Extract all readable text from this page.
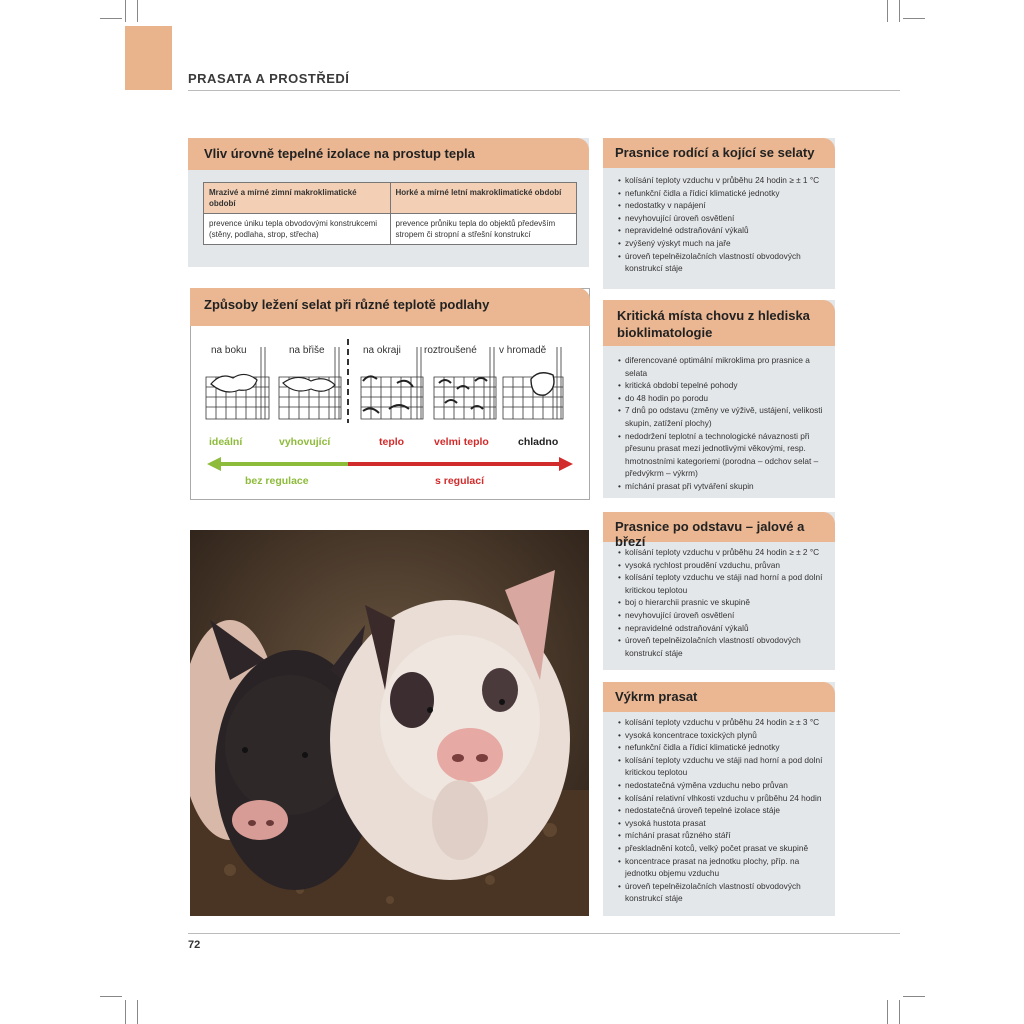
PRASATA A PROSTŘEDÍ
Vliv úrovně tepelné izolace na prostup tepla
Mrazivé a mírné zimní makroklimatické období	Horké a mírné letní makroklimatické období
prevence úniku tepla obvodovými konstrukcemi (stěny, podlaha, strop, střecha)	prevence průniku tepla do objektů především stropem či stropní a střešní konstrukcí
Způsoby ležení selat při různé teplotě podlahy
na boku	na břiše	na okraji roztroušené v hromadě
ideální	vyhovující	teplo	velmi teplo	chladno
bez regulace	s regulací
Prasnice rodící a kojící se selaty
• kolísání teploty vzduchu v průběhu 24 hodin ≥ ± 1 °C
• nefunkční čidla a řídicí klimatické jednotky
• nedostatky v napájení
• nevyhovující úroveň osvětlení
• nepravidelné odstraňování výkalů
• zvýšený výskyt much na jaře
• úroveň tepelněizolačních vlastností obvodových konstrukcí stáje
Kritická místa chovu z hlediska bioklimatologie
• diferencované optimální mikroklima pro prasnice a selata
• kritická období tepelné pohody
• do 48 hodin po porodu
• 7 dnů po odstavu (změny ve výživě, ustájení, velikosti skupin, zatížení plochy)
• nedodržení teplotní a technologické návaznosti při přesunu prasat mezi jednotlivými věkovými, resp. hmotnostními kategoriemi (porodna – odchov selat – předvýkrm – výkrm)
• míchání prasat při vytváření skupin
Prasnice po odstavu – jalové a březí
• kolísání teploty vzduchu v průběhu 24 hodin ≥ ± 2 °C
• vysoká rychlost proudění vzduchu, průvan
• kolísání teploty vzduchu ve stáji nad horní a pod dolní kritickou teplotou
• boj o hierarchii prasnic ve skupině
• nevyhovující úroveň osvětlení
• nepravidelné odstraňování výkalů
• úroveň tepelněizolačních vlastností obvodových konstrukcí stáje
Výkrm prasat
• kolísání teploty vzduchu v průběhu 24 hodin ≥ ± 3 °C
• vysoká koncentrace toxických plynů
• nefunkční čidla a řídicí klimatické jednotky
• kolísání teploty vzduchu ve stáji nad horní a pod dolní kritickou teplotou
• nedostatečná výměna vzduchu nebo průvan
• kolísání relativní vlhkosti vzduchu v průběhu 24 hodin
• nedostatečná úroveň tepelné izolace stáje
• vysoká hustota prasat
• míchání prasat různého stáří
• přeskladnění kotců, velký počet prasat ve skupině
• koncentrace prasat na jednotku plochy, příp. na jednotku objemu vzduchu
• úroveň tepelněizolačních vlastností obvodových konstrukcí stáje
72
